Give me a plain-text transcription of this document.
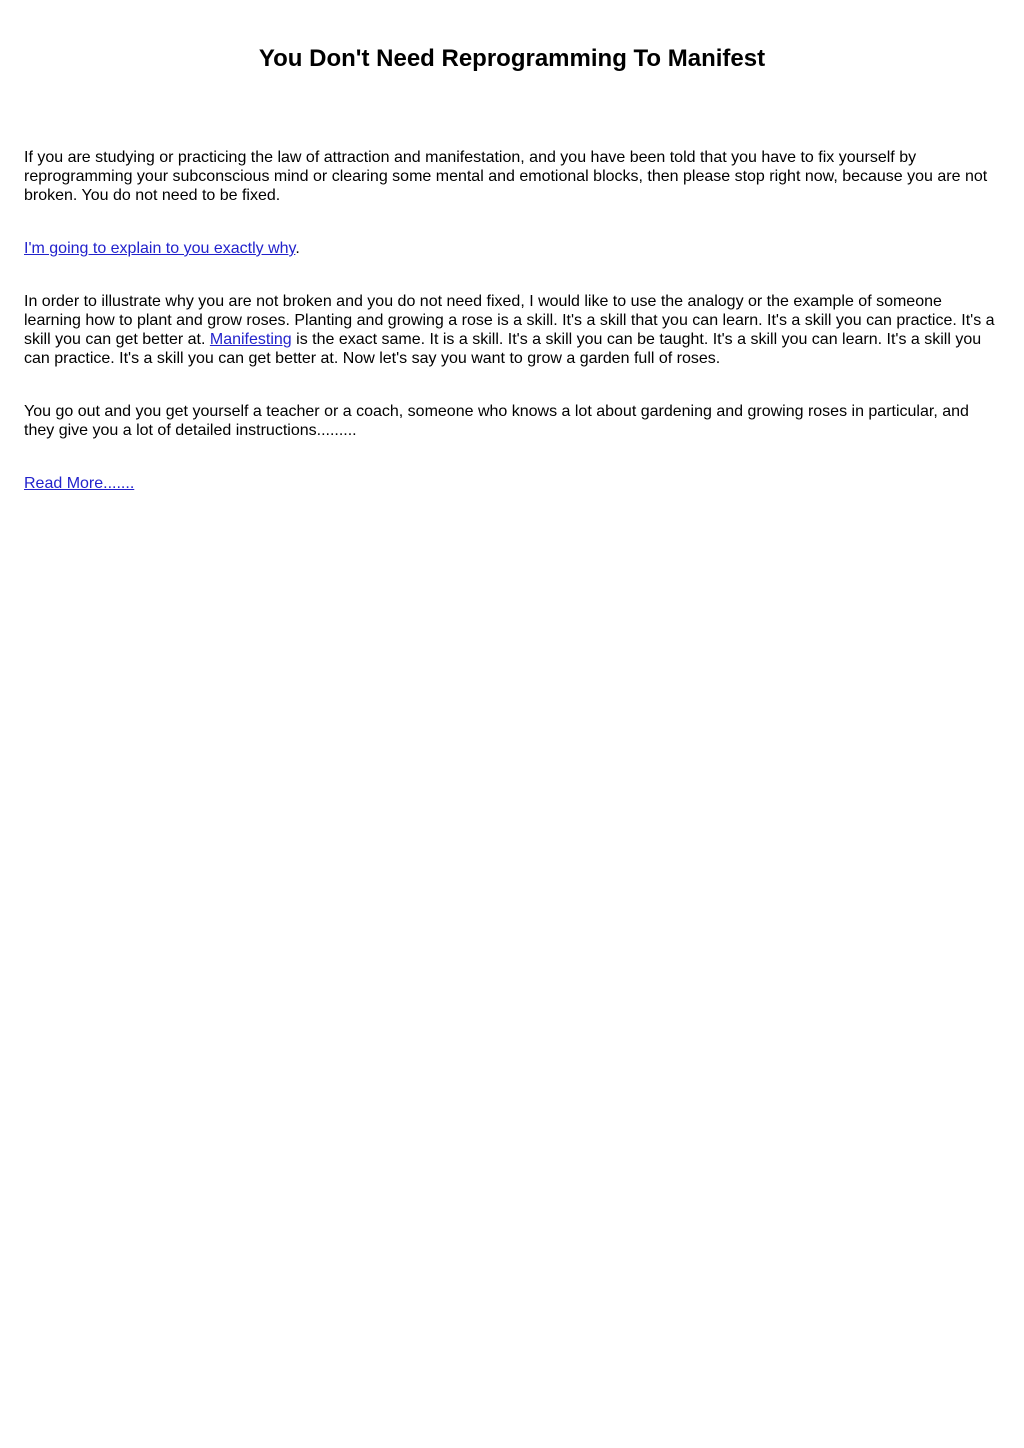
You Don't Need Reprogramming To Manifest

If you are studying or practicing the law of attraction and manifestation, and you have been told that you have to fix yourself by reprogramming your subconscious mind or clearing some mental and emotional blocks, then please stop right now, because you are not broken. You do not need to be fixed.

I'm going to explain to you exactly why.

In order to illustrate why you are not broken and you do not need fixed, I would like to use the analogy or the example of someone learning how to plant and grow roses. Planting and growing a rose is a skill. It's a skill that you can learn. It's a skill you can practice. It's a skill you can get better at. Manifesting is the exact same. It is a skill. It's a skill you can be taught. It's a skill you can learn. It's a skill you can practice. It's a skill you can get better at. Now let's say you want to grow a garden full of roses.

You go out and you get yourself a teacher or a coach, someone who knows a lot about gardening and growing roses in particular, and they give you a lot of detailed instructions.........

Read More.......
